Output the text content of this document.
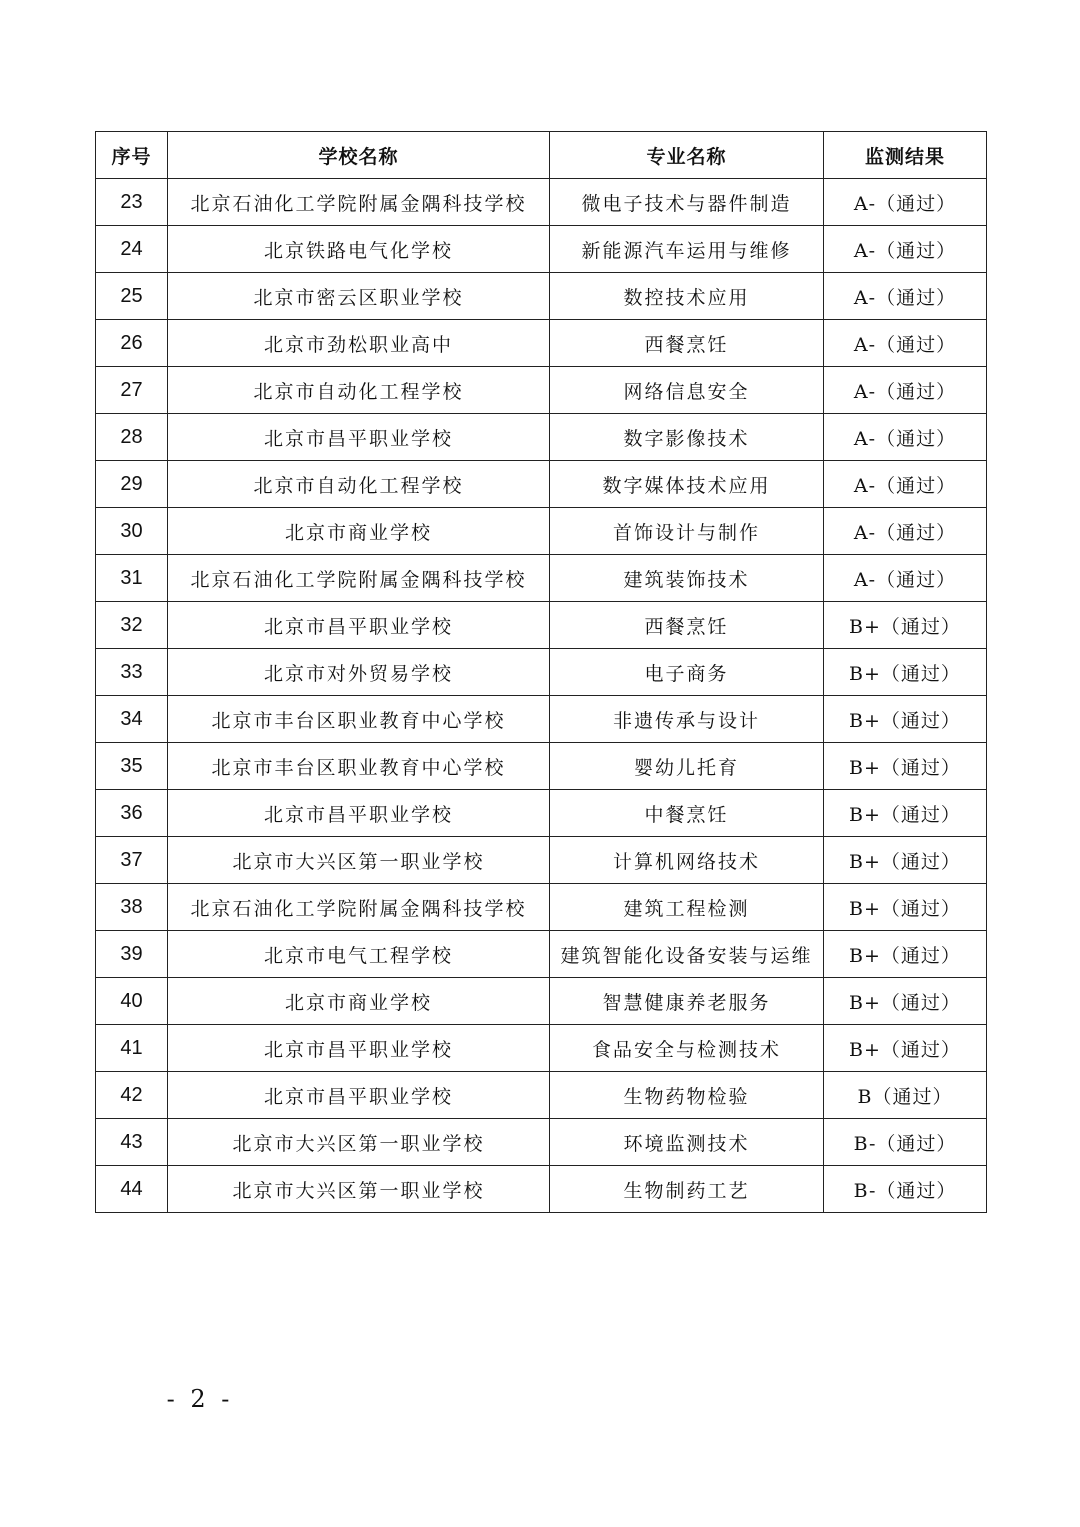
序号	学校名称	专业名称	监测结果
23	北京石油化工学院附属金隅科技学校	微电子技术与器件制造	A-（通过）
24	北京铁路电气化学校	新能源汽车运用与维修	A-（通过）
25	北京市密云区职业学校	数控技术应用	A-（通过）
26	北京市劲松职业高中	西餐烹饪	A-（通过）
27	北京市自动化工程学校	网络信息安全	A-（通过）
28	北京市昌平职业学校	数字影像技术	A-（通过）
29	北京市自动化工程学校	数字媒体技术应用	A-（通过）
30	北京市商业学校	首饰设计与制作	A-（通过）
31	北京石油化工学院附属金隅科技学校	建筑装饰技术	A-（通过）
32	北京市昌平职业学校	西餐烹饪	B+（通过）
33	北京市对外贸易学校	电子商务	B+（通过）
34	北京市丰台区职业教育中心学校	非遗传承与设计	B+（通过）
35	北京市丰台区职业教育中心学校	婴幼儿托育	B+（通过）
36	北京市昌平职业学校	中餐烹饪	B+（通过）
37	北京市大兴区第一职业学校	计算机网络技术	B+（通过）
38	北京石油化工学院附属金隅科技学校	建筑工程检测	B+（通过）
39	北京市电气工程学校	建筑智能化设备安装与运维	B+（通过）
40	北京市商业学校	智慧健康养老服务	B+（通过）
41	北京市昌平职业学校	食品安全与检测技术	B+（通过）
42	北京市昌平职业学校	生物药物检验	B（通过）
43	北京市大兴区第一职业学校	环境监测技术	B-（通过）
44	北京市大兴区第一职业学校	生物制药工艺	B-（通过）
- 2 -
